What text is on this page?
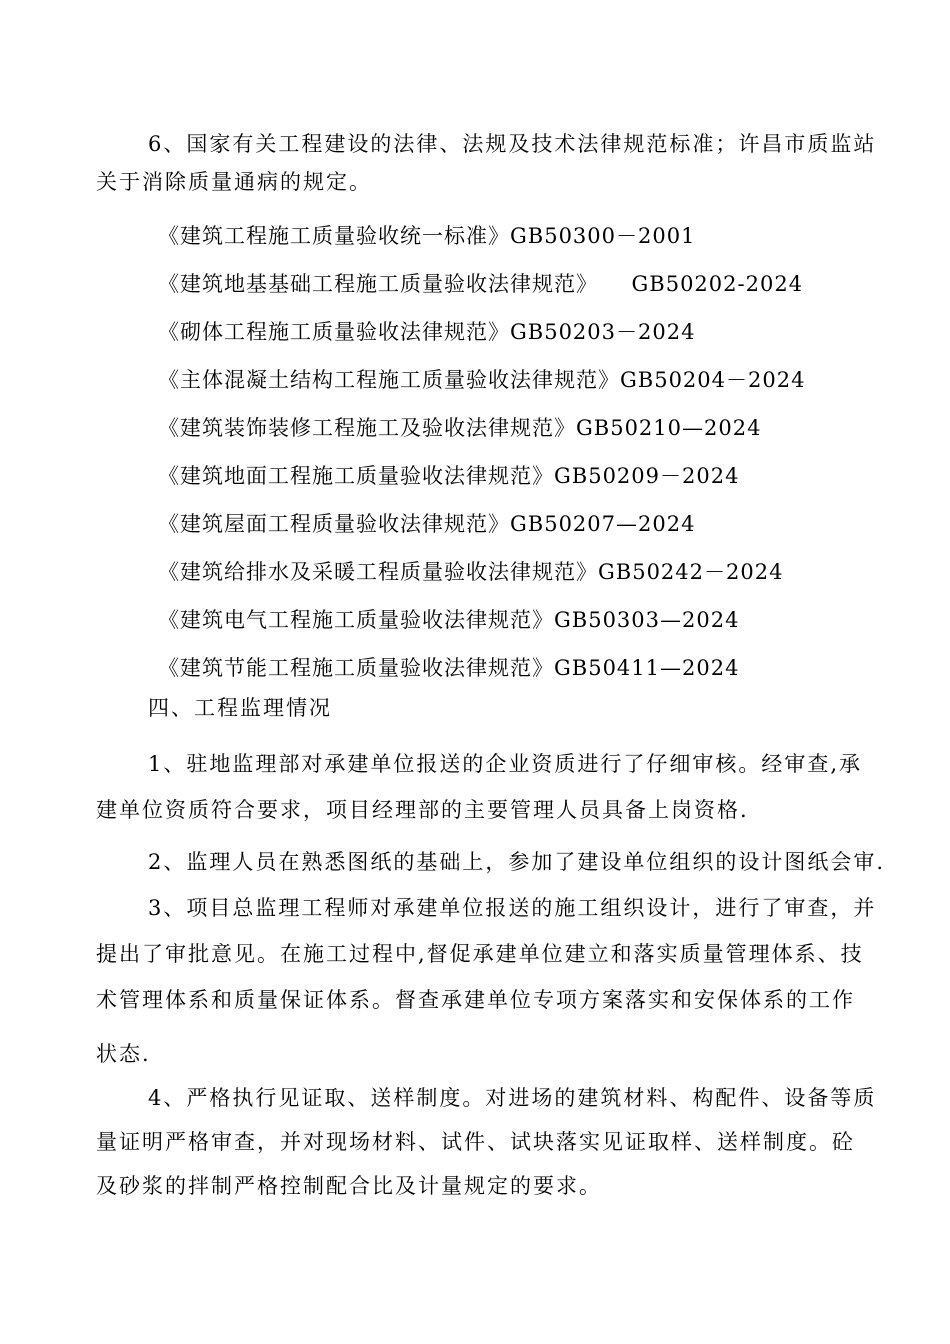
6、国家有关工程建设的法律、法规及技术法律规范标准；许昌市质监站
关于消除质量通病的规定。
《建筑工程施工质量验收统一标准》GB50300－2001
《建筑地基基础工程施工质量验收法律规范》　　GB50202-2024
《砌体工程施工质量验收法律规范》GB50203－2024
《主体混凝土结构工程施工质量验收法律规范》GB50204－2024
《建筑装饰装修工程施工及验收法律规范》GB50210—2024
《建筑地面工程施工质量验收法律规范》GB50209－2024
《建筑屋面工程质量验收法律规范》GB50207—2024
《建筑给排水及采暖工程质量验收法律规范》GB50242－2024
《建筑电气工程施工质量验收法律规范》GB50303—2024
《建筑节能工程施工质量验收法律规范》GB50411—2024
四、工程监理情况
1、驻地监理部对承建单位报送的企业资质进行了仔细审核。经审查,承
建单位资质符合要求，项目经理部的主要管理人员具备上岗资格.
2、监理人员在熟悉图纸的基础上，参加了建设单位组织的设计图纸会审.
3、项目总监理工程师对承建单位报送的施工组织设计，进行了审查，并
提出了审批意见。在施工过程中,督促承建单位建立和落实质量管理体系、技
术管理体系和质量保证体系。督查承建单位专项方案落实和安保体系的工作
状态.
4、严格执行见证取、送样制度。对进场的建筑材料、构配件、设备等质
量证明严格审查，并对现场材料、试件、试块落实见证取样、送样制度。砼
及砂浆的拌制严格控制配合比及计量规定的要求。
